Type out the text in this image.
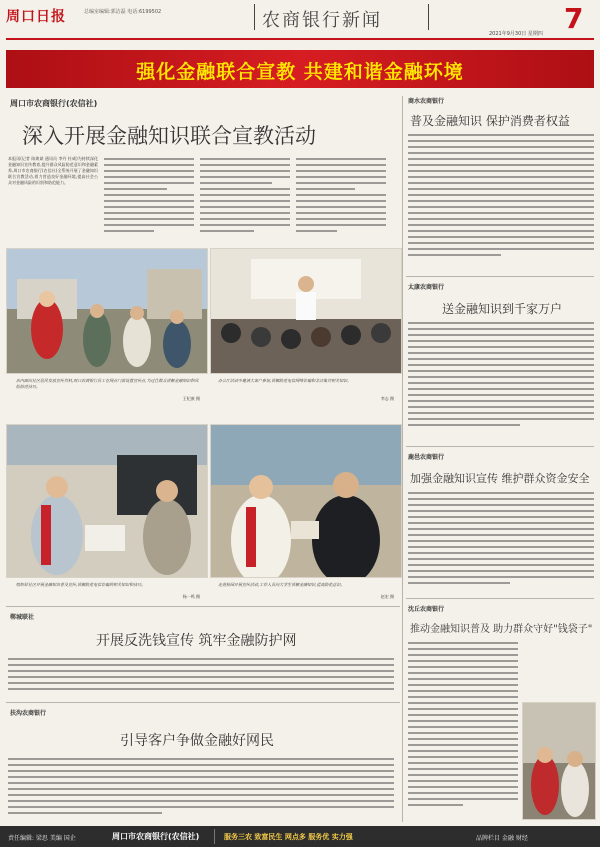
周口日报	总编室编辑:郭洁磊 电话:6199502	农商银行新闻	7
2021年9月30日 星期四
强化金融联合宣教 共建和谐金融环境
周口市农商银行(农信社)
深入开展金融知识联合宣教活动
本报讯(记者 陈焕斌 通讯员 李丹 杜威)为持续深化金融知识宣传教育,提升群众风险防范意识和金融素养,周口市农商银行(农信社)全系统开展了金融知识联合宣教活动,着力营造良好金融环境,提高社会公众对金融风险的识别和防范能力。
店内面向社区居民发放宣传资料,周口农商银行员工在网点门前设置宣传点,为过往群众讲解金融知识和风险防范技巧。
王纪康 摄
办公厅活动中邀请大客户参加,讲解防范电信网络诈骗和非法集资相关知识。
李志 摄
组织驻社区开展金融知识普及宣传,讲解防范电信诈骗的相关知识和技巧。
杨一鸣 摄
走进校园开展宣传活动,工作人员向大学生讲解金融知识,提高防范意识。
赵宏 摄
郸城联社
开展反洗钱宣传 筑牢金融防护网
扶沟农商银行
引导客户争做金融好网民
商水农商银行
普及金融知识 保护消费者权益
太康农商银行
送金融知识到千家万户
鹿邑农商银行
加强金融知识宣传 维护群众资金安全
沈丘农商银行
推动金融知识普及 助力群众守好"钱袋子"
责任编辑: 梁思 美编 国企	周口市农商银行(农信社)	服务三农 致富民生 网点多 服务优 实力强	品牌栏目 金融 财经
